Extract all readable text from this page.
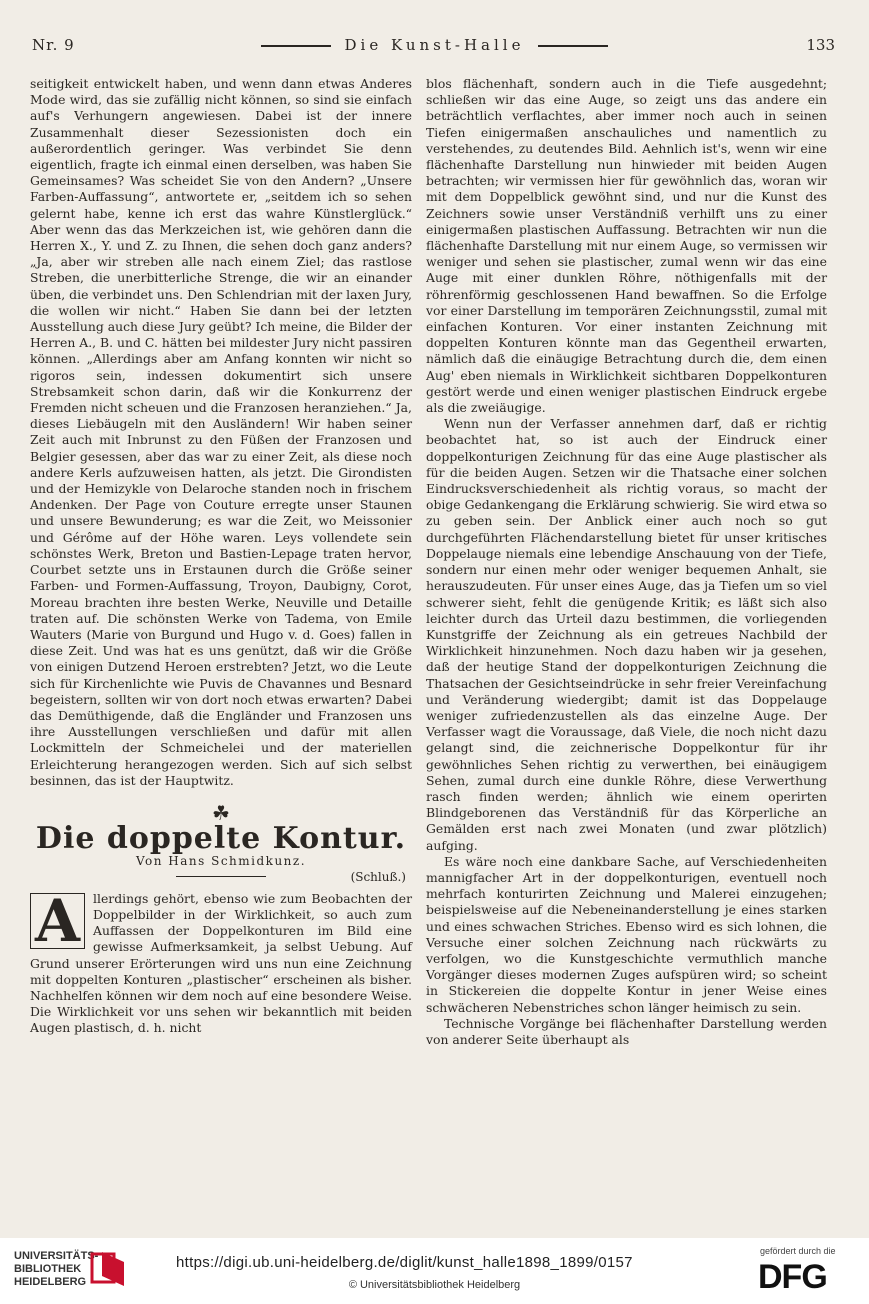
Nr. 9	Die Kunst-Halle	133

seitigkeit entwickelt haben, und wenn dann etwas Anderes Mode wird, das sie zufällig nicht können, so sind sie einfach auf's Verhungern angewiesen. Dabei ist der innere Zusammenhalt dieser Sezessionisten doch ein außerordentlich geringer. Was verbindet Sie denn eigentlich, fragte ich einmal einen derselben, was haben Sie Gemeinsames? Was scheidet Sie von den Andern? „Unsere Farben-Auffassung“, antwortete er, „seitdem ich so sehen gelernt habe, kenne ich erst das wahre Künstlerglück.“ Aber wenn das das Merkzeichen ist, wie gehören dann die Herren X., Y. und Z. zu Ihnen, die sehen doch ganz anders? „Ja, aber wir streben alle nach einem Ziel; das rastlose Streben, die unerbitterliche Strenge, die wir an einander üben, die verbindet uns. Den Schlendrian mit der laxen Jury, die wollen wir nicht.“ Haben Sie dann bei der letzten Ausstellung auch diese Jury geübt? Ich meine, die Bilder der Herren A., B. und C. hätten bei mildester Jury nicht passiren können. „Allerdings aber am Anfang konnten wir nicht so rigoros sein, indessen dokumentirt sich unsere Strebsamkeit schon darin, daß wir die Konkurrenz der Fremden nicht scheuen und die Franzosen heranziehen.“ Ja, dieses Liebäugeln mit den Ausländern! Wir haben seiner Zeit auch mit Inbrunst zu den Füßen der Franzosen und Belgier gesessen, aber das war zu einer Zeit, als diese noch andere Kerls aufzuweisen hatten, als jetzt. Die Girondisten und der Hemizykle von Delaroche standen noch in frischem Andenken. Der Page von Couture erregte unser Staunen und unsere Bewunderung; es war die Zeit, wo Meissonier und Gérôme auf der Höhe waren. Leys vollendete sein schönstes Werk, Breton und Bastien-Lepage traten hervor, Courbet setzte uns in Erstaunen durch die Größe seiner Farben- und Formen-Auffassung, Troyon, Daubigny, Corot, Moreau brachten ihre besten Werke, Neuville und Detaille traten auf. Die schönsten Werke von Tadema, von Emile Wauters (Marie von Burgund und Hugo v. d. Goes) fallen in diese Zeit. Und was hat es uns genützt, daß wir die Größe von einigen Dutzend Heroen erstrebten? Jetzt, wo die Leute sich für Kirchenlichte wie Puvis de Chavannes und Besnard begeistern, sollten wir von dort noch etwas erwarten? Dabei das Demüthigende, daß die Engländer und Franzosen uns ihre Ausstellungen verschließen und dafür mit allen Lockmitteln der Schmeichelei und der materiellen Erleichterung herangezogen werden. Sich auf sich selbst besinnen, das ist der Hauptwitz.

☘
Die doppelte Kontur.
Von Hans Schmidkunz.
(Schluß.)

A	llerdings gehört, ebenso wie zum Beobachten der Doppelbilder in der Wirklichkeit, so auch zum Auffassen der Doppelkonturen im Bild eine gewisse Aufmerksamkeit, ja selbst Uebung. Auf Grund unserer Erörterungen wird uns nun eine Zeichnung mit doppelten Konturen „plastischer“ erscheinen als bisher. Nachhelfen können wir dem noch auf eine besondere Weise. Die Wirklichkeit vor uns sehen wir bekanntlich mit beiden Augen plastisch, d. h. nicht

blos flächenhaft, sondern auch in die Tiefe ausgedehnt; schließen wir das eine Auge, so zeigt uns das andere ein beträchtlich verflachtes, aber immer noch auch in seinen Tiefen einigermaßen anschauliches und namentlich zu verstehendes, zu deutendes Bild. Aehnlich ist's, wenn wir eine flächenhafte Darstellung nun hinwieder mit beiden Augen betrachten; wir vermissen hier für gewöhnlich das, woran wir mit dem Doppelblick gewöhnt sind, und nur die Kunst des Zeichners sowie unser Verständniß verhilft uns zu einer einigermaßen plastischen Auffassung. Betrachten wir nun die flächenhafte Darstellung mit nur einem Auge, so vermissen wir weniger und sehen sie plastischer, zumal wenn wir das eine Auge mit einer dunklen Röhre, nöthigenfalls mit der röhrenförmig geschlossenen Hand bewaffnen. So die Erfolge vor einer Darstellung im temporären Zeichnungsstil, zumal mit einfachen Konturen. Vor einer instanten Zeichnung mit doppelten Konturen könnte man das Gegentheil erwarten, nämlich daß die einäugige Betrachtung durch die, dem einen Aug' eben niemals in Wirklichkeit sichtbaren Doppelkonturen gestört werde und einen weniger plastischen Eindruck ergebe als die zweiäugige.

Wenn nun der Verfasser annehmen darf, daß er richtig beobachtet hat, so ist auch der Eindruck einer doppelkonturigen Zeichnung für das eine Auge plastischer als für die beiden Augen. Setzen wir die Thatsache einer solchen Eindrucksverschiedenheit als richtig voraus, so macht der obige Gedankengang die Erklärung schwierig. Sie wird etwa so zu geben sein. Der Anblick einer auch noch so gut durchgeführten Flächendarstellung bietet für unser kritisches Doppelauge niemals eine lebendige Anschauung von der Tiefe, sondern nur einen mehr oder weniger bequemen Anhalt, sie herauszudeuten. Für unser eines Auge, das ja Tiefen um so viel schwerer sieht, fehlt die genügende Kritik; es läßt sich also leichter durch das Urteil dazu bestimmen, die vorliegenden Kunstgriffe der Zeichnung als ein getreues Nachbild der Wirklichkeit hinzunehmen. Noch dazu haben wir ja gesehen, daß der heutige Stand der doppelkonturigen Zeichnung die Thatsachen der Gesichtseindrücke in sehr freier Vereinfachung und Veränderung wiedergibt; damit ist das Doppelauge weniger zufriedenzustellen als das einzelne Auge. Der Verfasser wagt die Voraussage, daß Viele, die noch nicht dazu gelangt sind, die zeichnerische Doppelkontur für ihr gewöhnliches Sehen richtig zu verwerthen, bei einäugigem Sehen, zumal durch eine dunkle Röhre, diese Verwerthung rasch finden werden; ähnlich wie einem operirten Blindgeborenen das Verständniß für das Körperliche an Gemälden erst nach zwei Monaten (und zwar plötzlich) aufging.

Es wäre noch eine dankbare Sache, auf Verschiedenheiten mannigfacher Art in der doppelkonturigen, eventuell noch mehrfach konturirten Zeichnung und Malerei einzugehen; beispielsweise auf die Nebeneinanderstellung je eines starken und eines schwachen Striches. Ebenso wird es sich lohnen, die Versuche einer solchen Zeichnung nach rückwärts zu verfolgen, wo die Kunstgeschichte vermuthlich manche Vorgänger dieses modernen Zuges aufspüren wird; so scheint in Stickereien die doppelte Kontur in jener Weise eines schwächeren Nebenstriches schon länger heimisch zu sein.

Technische Vorgänge bei flächenhafter Darstellung werden von anderer Seite überhaupt als

UNIVERSITÄTS-BIBLIOTHEK HEIDELBERG
https://digi.ub.uni-heidelberg.de/diglit/kunst_halle1898_1899/0157
© Universitätsbibliothek Heidelberg
gefördert durch die
DFG
